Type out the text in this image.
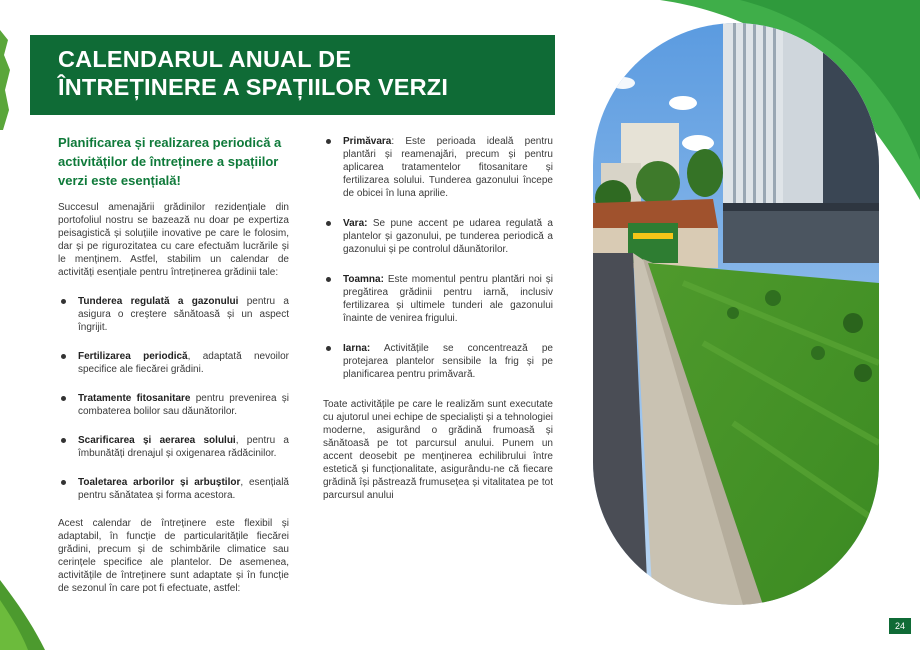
CALENDARUL ANUAL DE
ÎNTREȚINERE A SPAȚIILOR VERZI
Planificarea și realizarea periodică a activităților de întreținere a spațiilor verzi este esențială!

Succesul amenajării grădinilor rezidențiale din portofoliul nostru se bazează nu doar pe expertiza peisagistică și soluțiile inovative pe care le folosim, dar și pe rigurozitatea cu care efectuăm lucrările și le menținem. Astfel, stabilim un calendar de activități esențiale pentru întreținerea grădinii tale:

Tunderea regulată a gazonului pentru a asigura o creștere sănătoasă și un aspect îngrijit.
Fertilizarea periodică, adaptată nevoilor specifice ale fiecărei grădini.
Tratamente fitosanitare pentru prevenirea și combaterea bolilor sau dăunătorilor.
Scarificarea și aerarea solului, pentru a îmbunătăți drenajul și oxigenarea rădăcinilor.
Toaletarea arborilor și arbuștilor, esențială pentru sănătatea și forma acestora.

Acest calendar de întreținere este flexibil și adaptabil, în funcție de particularitățile fiecărei grădini, precum și de schimbările climatice sau cerințele specifice ale plantelor. De asemenea, activitățile de întreținere sunt adaptate și în funcție de sezonul în care pot fi efectuate, astfel:

Primăvara: Este perioada ideală pentru plantări și reamenajări, precum și pentru aplicarea tratamentelor fitosanitare și fertilizarea solului. Tunderea gazonului începe de obicei în luna aprilie.
Vara: Se pune accent pe udarea regulată a plantelor și gazonului, pe tunderea periodică a gazonului și pe controlul dăunătorilor.
Toamna: Este momentul pentru plantări noi și pregătirea grădinii pentru iarnă, inclusiv fertilizarea și ultimele tunderi ale gazonului înainte de venirea frigului.
Iarna: Activitățile se concentrează pe protejarea plantelor sensibile la frig și pe planificarea pentru primăvară.

Toate activitățile pe care le realizăm sunt executate cu ajutorul unei echipe de specialiști și a tehnologiei moderne, asigurând o grădină frumoasă și sănătoasă pe tot parcursul anului. Punem un accent deosebit pe menținerea echilibrului între estetică și funcționalitate, asigurându-ne că fiecare grădină își păstrează frumusețea și vitalitatea pe tot parcursul anului

24
